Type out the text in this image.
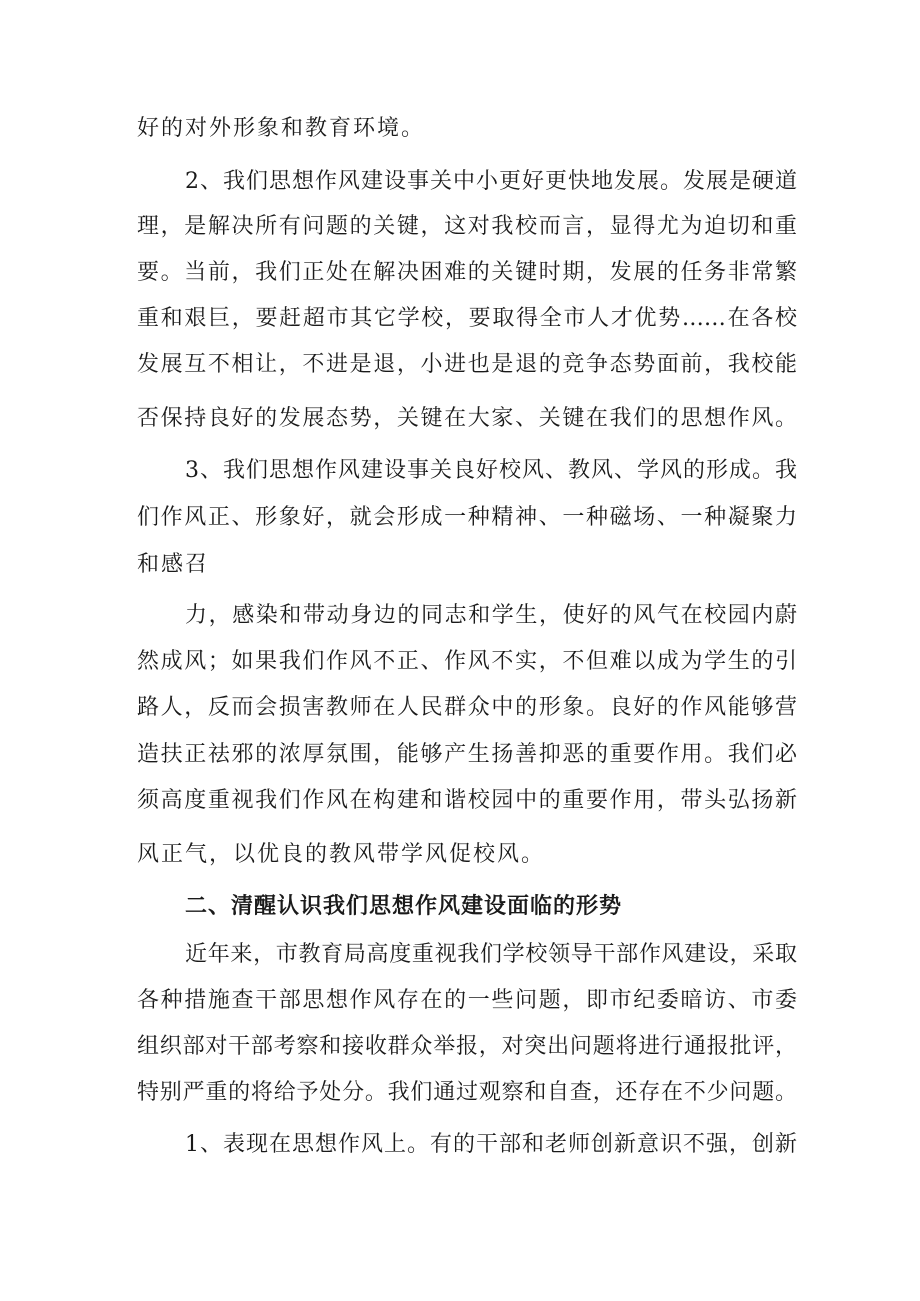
好的对外形象和教育环境。
2、我们思想作风建设事关中小更好更快地发展。发展是硬道
理，是解决所有问题的关键，这对我校而言，显得尤为迫切和重
要。当前，我们正处在解决困难的关键时期，发展的任务非常繁
重和艰巨，要赶超市其它学校，要取得全市人才优势……在各校
发展互不相让，不进是退，小进也是退的竞争态势面前，我校能
否保持良好的发展态势，关键在大家、关键在我们的思想作风。
3、我们思想作风建设事关良好校风、教风、学风的形成。我
们作风正、形象好，就会形成一种精神、一种磁场、一种凝聚力
和感召
力，感染和带动身边的同志和学生，使好的风气在校园内蔚
然成风；如果我们作风不正、作风不实，不但难以成为学生的引
路人，反而会损害教师在人民群众中的形象。良好的作风能够营
造扶正祛邪的浓厚氛围，能够产生扬善抑恶的重要作用。我们必
须高度重视我们作风在构建和谐校园中的重要作用，带头弘扬新
风正气，以优良的教风带学风促校风。
二、清醒认识我们思想作风建设面临的形势
近年来，市教育局高度重视我们学校领导干部作风建设，采取
各种措施查干部思想作风存在的一些问题，即市纪委暗访、市委
组织部对干部考察和接收群众举报，对突出问题将进行通报批评，
特别严重的将给予处分。我们通过观察和自查，还存在不少问题。
1、表现在思想作风上。有的干部和老师创新意识不强，创新
